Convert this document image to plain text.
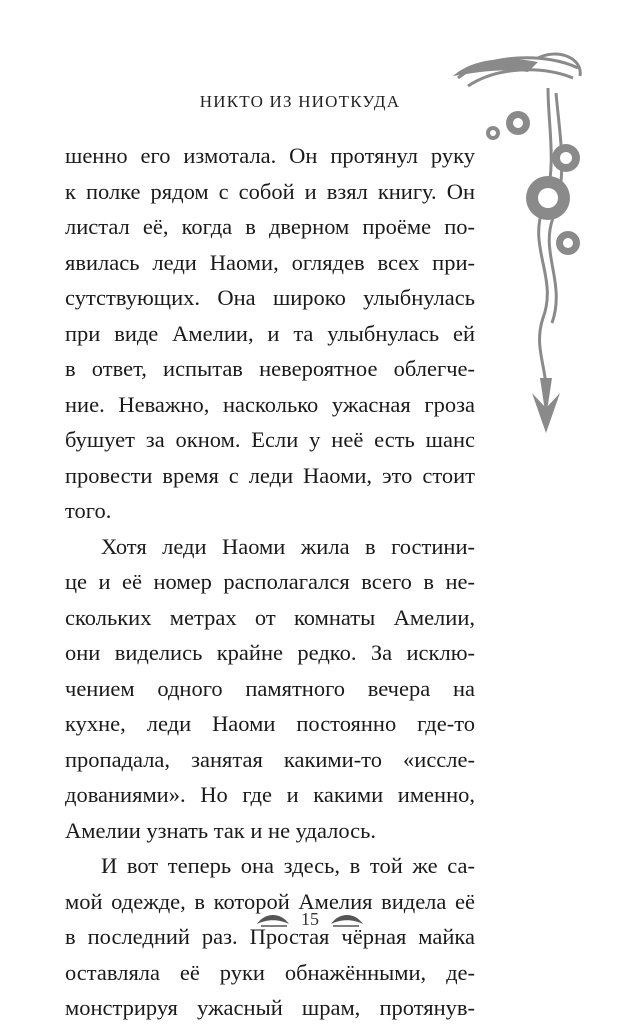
НИКТО ИЗ НИОТКУДА
шенно его измотала. Он протянул руку
к полке рядом с собой и взял книгу. Он
листал её, когда в дверном проёме по-
явилась леди Наоми, оглядев всех при-
сутствующих. Она широко улыбнулась
при виде Амелии, и та улыбнулась ей
в ответ, испытав невероятное облегче-
ние. Неважно, насколько ужасная гроза
бушует за окном. Если у неё есть шанс
провести время с леди Наоми, это стоит
того.
Хотя леди Наоми жила в гостини-
це и её номер располагался всего в не-
скольких метрах от комнаты Амелии,
они виделись крайне редко. За исклю-
чением одного памятного вечера на
кухне, леди Наоми постоянно где-то
пропадала, занятая какими-то «иссле-
дованиями». Но где и какими именно,
Амелии узнать так и не удалось.
И вот теперь она здесь, в той же са-
мой одежде, в которой Амелия видела её
в последний раз. Простая чёрная майка
оставляла её руки обнажёнными, де-
монстрируя ужасный шрам, протянув-
15
